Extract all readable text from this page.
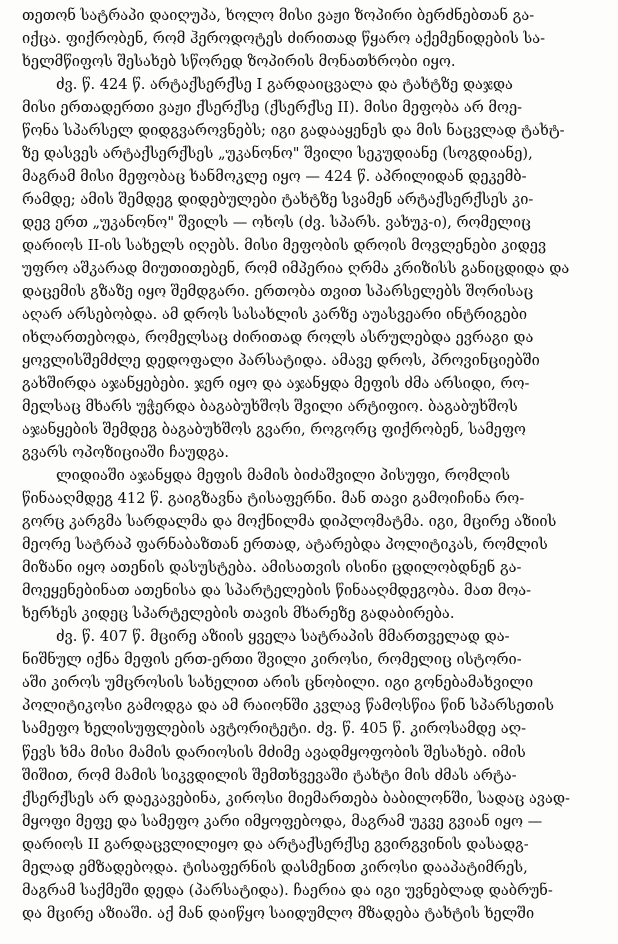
თეთონ სატრაპი დაიღუპა, ხოლო მისი ვაჟი ზოპირი ბერძნებთან გა-
იქცა. ფიქრობენ, რომ ჰეროდოტეს ძირითად წყარო აქემენიდების სა-
ხელმწიფოს შესახებ სწორედ ზოპირის მონათხრობი იყო.
ძვ. წ. 424 წ. არტაქსერქსე I გარდაიცვალა და ტახტზე დაჯდა
მისი ერთადერთი ვაჟი ქსერქსე (ქსერქსე II). მისი მეფობა არ მოე-
წონა სპარსელ დიდგვაროვნებს; იგი გადააყენეს და მის ნაცვლად ტახტ-
ზე დასვეს არტაქსერქსეს „უკანონო" შვილი სეკუდიანე (სოგდიანე),
მაგრამ მისი მეფობაც ხანმოკლე იყო — 424 წ. აპრილიდან დეკემბ-
რამდე; ამის შემდეგ დიდებულები ტახტზე სვამენ არტაქსერქსეს კი-
დევ ერთ „უკანონო" შვილს — ოხოს (ძვ. სპარს. ვახუკ-ი), რომელიც
დარიოს II-ის სახელს იღებს. მისი მეფობის დროის მოვლენები კიდევ
უფრო აშკარად მიუთითებენ, რომ იმპერია ღრმა კრიზისს განიცდიდა და
დაცემის გზაზე იყო შემდგარი. ერთობა თვით სპარსელებს შორისაც
აღარ არსებობდა. ამ დროს სასახლის კარზე აუასვეარი ინტრიგები
იხლართებოდა, რომელსაც ძირითად როლს ასრულებდა ევრაგი და
ყოვლისშემძლე დედოფალი პარსატიდა. ამავე დროს, პროვინციებში
გახშირდა აჯანყებები. ჯერ იყო და აჯანყდა მეფის ძმა არსიდი, რო-
მელსაც მხარს უჭერდა ბაგაბუხშოს შვილი არტიფიო. ბაგაბუხშოს
აჯანყების შემდეგ ბაგაბუხშოს გვარი, როგორც ფიქრობენ, სამეფო
გვარს ოპოზიციაში ჩაუდგა.
ლიდიაში აჯანყდა მეფის მამის ბიძაშვილი პისუფი, რომლის
წინააღმდეგ 412 წ. გაიგზავნა ტისაფერნი. მან თავი გამოიჩინა რო-
გორც კარგმა სარდალმა და მოქნილმა დიპლომატმა. იგი, მცირე აზიის
მეორე სატრაპ ფარნაბაზთან ერთად, ატარებდა პოლიტიკას, რომლის
მიზანი იყო ათენის დასუსტება. ამისათვის ისინი ცდილობდნენ გა-
მოეყენებინათ ათენისა და სპარტელების წინააღმდეგობა. მათ მოა-
ხერხეს კიდეც სპარტელების თავის მხარეზე გადაბირება.
ძვ. წ. 407 წ. მცირე აზიის ყველა სატრაპის მმართველად და-
ნიშნულ იქნა მეფის ერთ-ერთი შვილი კიროსი, რომელიც ისტორი-
აში კიროს უმცროსის სახელით არის ცნობილი. იგი გონებამახვილი
პოლიტიკოსი გამოდგა და ამ რაიონში კვლავ წამოსწია წინ სპარსეთის
სამეფო ხელისუფლების ავტორიტეტი. ძვ. წ. 405 წ. კიროსამდე აღ-
წევს ხმა მისი მამის დარიოსის მძიმე ავადმყოფობის შესახებ. იმის
შიშით, რომ მამის სიკვდილის შემთხვევაში ტახტი მის ძმას არტა-
ქსერქსეს არ დაეკავებინა, კიროსი მიემართება ბაბილონში, სადაც ავად-
მყოფი მეფე და სამეფო კარი იმყოფებოდა, მაგრამ უკვე გვიან იყო —
დარიოს II გარდაცვლილიყო და არტაქსერქსე გვირგვინის დასადგ-
მელად ემზადებოდა. ტისაფერნის დასმენით კიროსი დააპატიმრეს,
მაგრამ საქმეში დედა (პარსატიდა). ჩაერია და იგი უვნებლად დაბრუნ-
და მცირე აზიაში. აქ მან დაიწყო საიდუმლო მზადება ტახტის ხელში
